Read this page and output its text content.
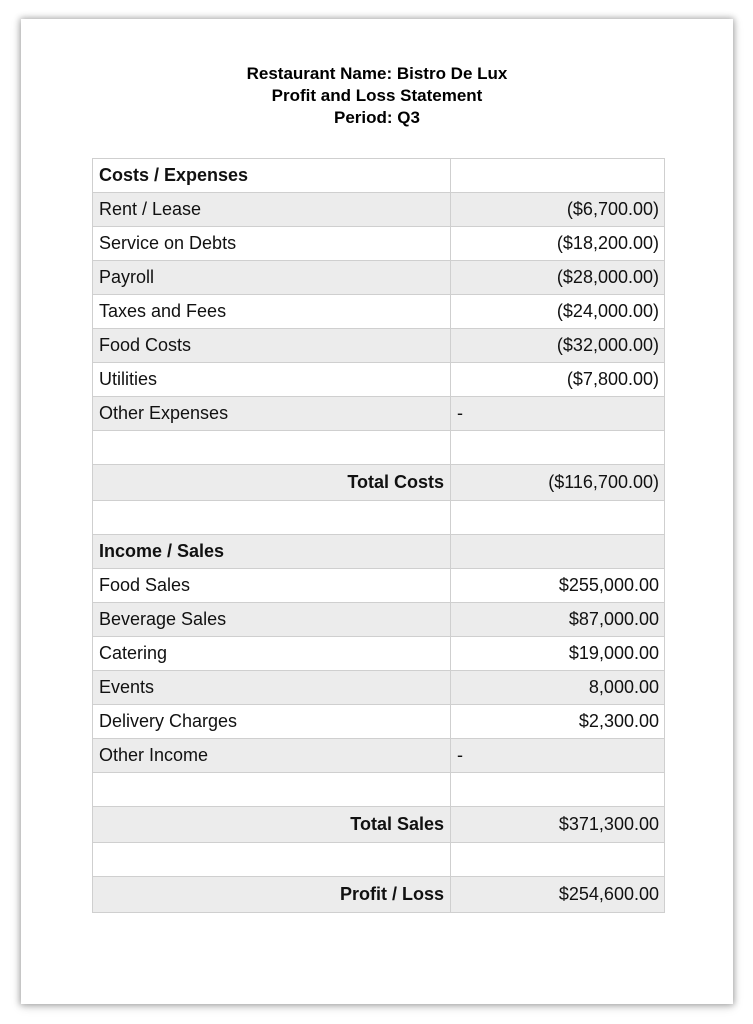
Restaurant Name: Bistro De Lux
Profit and Loss Statement
Period: Q3
Costs / Expenses	
Rent / Lease	($6,700.00)
Service on Debts	($18,200.00)
Payroll	($28,000.00)
Taxes and Fees	($24,000.00)
Food Costs	($32,000.00)
Utilities	($7,800.00)
Other Expenses	-

Total Costs	($116,700.00)

Income / Sales	
Food Sales	$255,000.00
Beverage Sales	$87,000.00
Catering	$19,000.00
Events	8,000.00
Delivery Charges	$2,300.00
Other Income	-

Total Sales	$371,300.00

Profit / Loss	$254,600.00
